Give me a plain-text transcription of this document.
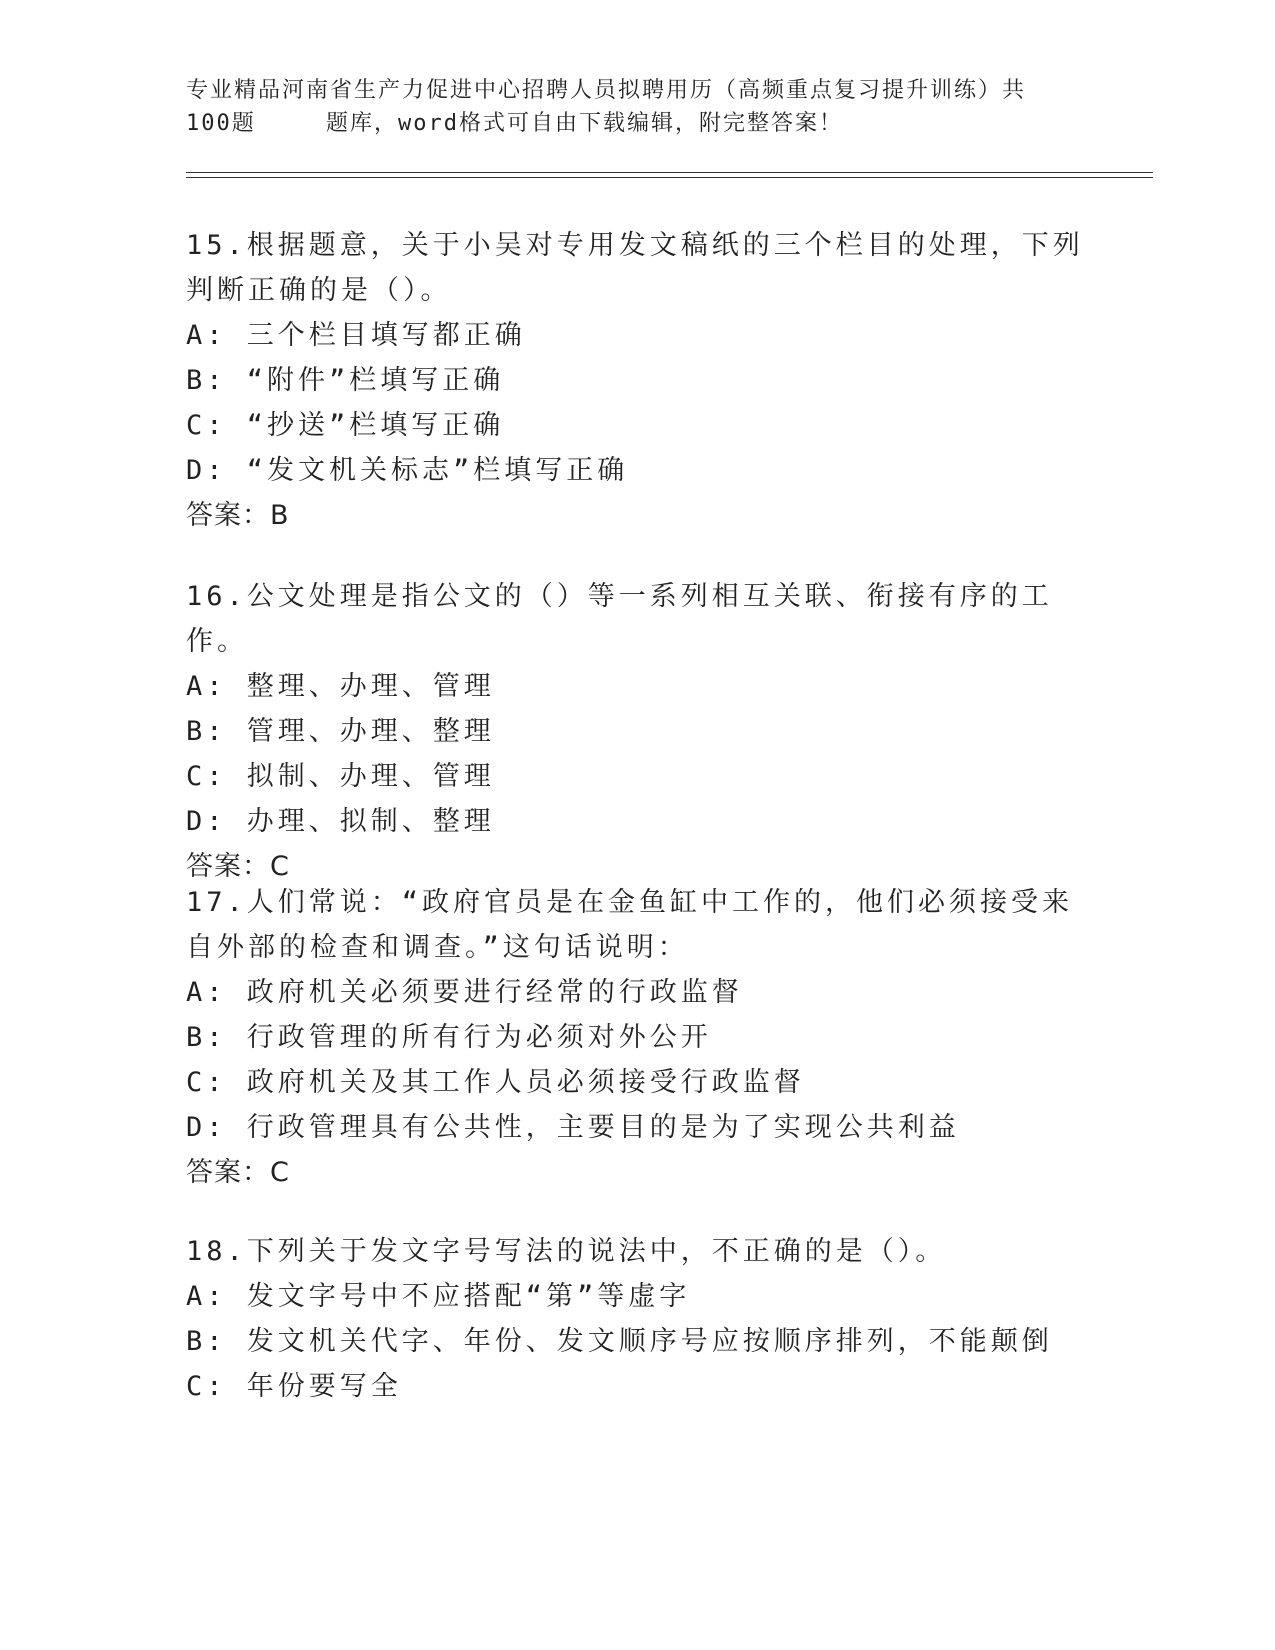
专业精品河南省生产力促进中心招聘人员拟聘用历（高频重点复习提升训练）共
100题	题库，word格式可自由下载编辑，附完整答案！
15.根据题意，关于小吴对专用发文稿纸的三个栏目的处理，下列判断正确的是（）。
A: 三个栏目填写都正确
B: “附件”栏填写正确
C: “抄送”栏填写正确
D: “发文机关标志”栏填写正确
答案：B
16.公文处理是指公文的（）等一系列相互关联、衔接有序的工作。
A: 整理、办理、管理
B: 管理、办理、整理
C: 拟制、办理、管理
D: 办理、拟制、整理
答案：C
17.人们常说：“政府官员是在金鱼缸中工作的，他们必须接受来自外部的检查和调查。”这句话说明：
A: 政府机关必须要进行经常的行政监督
B: 行政管理的所有行为必须对外公开
C: 政府机关及其工作人员必须接受行政监督
D: 行政管理具有公共性，主要目的是为了实现公共利益
答案：C
18.下列关于发文字号写法的说法中，不正确的是（）。
A: 发文字号中不应搭配“第”等虚字
B: 发文机关代字、年份、发文顺序号应按顺序排列，不能颠倒
C: 年份要写全
